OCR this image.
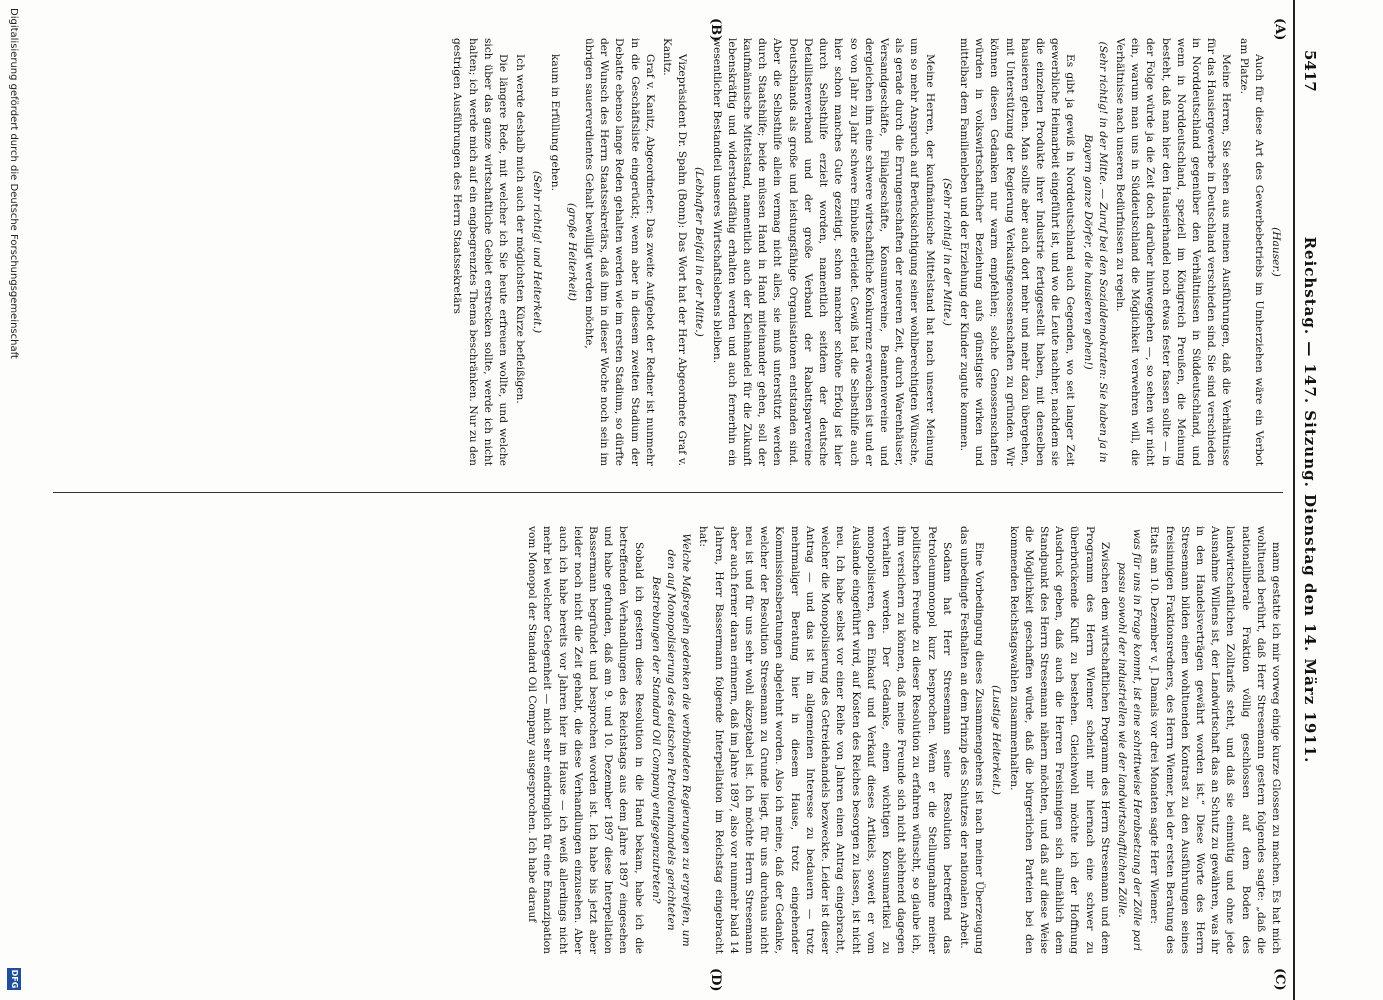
5417
Reichstag. — 147. Sitzung. Dienstag den 14. März 1911.
(A)
(B)
(C)
(D)

(Hauser.)

Auch für diese Art des Gewerbebetriebs im Umherziehen wäre ein Verbot am Platze.

Meine Herren, Sie sehen aus meinen Ausführungen, daß die Verhältnisse für das Hausiergewerbe in Deutschland verschieden sind. Sie sind verschieden in Norddeutschland gegenüber den Verhältnissen in Süddeutschland, und wenn in Norddeutschland, speziell im Königreich Preußen, die Meinung besteht, daß man hier den Hausierhandel noch etwas fester fassen sollte — in der Folge würde ja die Zeit doch darüber hinweggehen —, so sehen wir nicht ein, warum man uns in Süddeutschland die Möglichkeit verwehren will, die Verhältnisse nach unseren Bedürfnissen zu regeln.

(Sehr richtig! in der Mitte. — Zuruf bei den Sozialdemokraten: Sie haben ja in Bayern ganze Dörfer, die hausieren gehen!)

Es gibt ja gewiß in Norddeutschland auch Gegenden, wo seit langer Zeit gewerbliche Heimarbeit eingeführt ist, und wo die Leute nachher, nachdem sie die einzelnen Produkte ihrer Industrie fertiggestellt haben, mit denselben hausieren gehen. Man sollte aber auch dort mehr und mehr dazu übergehen, mit Unterstützung der Regierung Verkaufsgenossenschaften zu gründen. Wir können diesen Gedanken nur warm empfehlen; solche Genossenschaften würden in volkswirtschaftlicher Beziehung aufs günstigste wirken und mittelbar dem Familienleben und der Erziehung der Kinder zugute kommen.

(Sehr richtig! in der Mitte.)

Meine Herren, der kaufmännische Mittelstand hat nach unserer Meinung um so mehr Anspruch auf Berücksichtigung seiner wohlberechtigten Wünsche, als gerade durch die Errungenschaften der neueren Zeit, durch Warenhäuser, Versandgeschäfte, Filialgeschäfte, Konsumvereine, Beamtenvereine und dergleichen ihm eine schwere wirtschaftliche Konkurrenz erwachsen ist und er so von Jahr zu Jahr schwere Einbuße erleidet. Gewiß hat die Selbsthilfe auch hier schon manches Gute gezeitigt, schon mancher schöne Erfolg ist hier durch Selbsthilfe erzielt worden, namentlich seitdem der deutsche Detaillistenverband und der große Verband der Rabattsparvereine Deutschlands als große und leistungsfähige Organisationen entstanden sind. Aber die Selbsthilfe allein vermag nicht alles, sie muß unterstützt werden durch Staatshilfe; beide müssen Hand in Hand miteinander gehen, soll der kaufmännische Mittelstand, namentlich auch der Kleinhandel für die Zukunft lebenskräftig und widerstandsfähig erhalten werden und auch fernerhin ein wesentlicher Bestandteil unseres Wirtschaftslebens bleiben.

(Lebhafter Beifall in der Mitte.)

Vizepräsident Dr. Spahn (Bonn): Das Wort hat der Herr Abgeordnete Graf v. Kanitz.

Graf v. Kanitz, Abgeordneter: Das zweite Aufgebot der Redner ist nunmehr in die Geschäftsliste eingerückt; wenn aber in diesem zweiten Stadium der Debatte ebenso lange Reden gehalten werden wie im ersten Stadium, so dürfte der Wunsch des Herrn Staatssekretärs, daß ihm in dieser Woche noch sein im übrigen sauerverdientes Gehalt bewilligt werden möchte,

(große Heiterkeit)

kaum in Erfüllung gehen.

(Sehr richtig! und Heiterkeit.)

Ich werde deshalb mich auch der möglichsten Kürze befleißigen.

Die längere Rede, mit welcher ich Sie heute erfreuen wollte, und welche sich über das ganze wirtschaftliche Gebiet erstrecken sollte, werde ich nicht halten; ich werde mich auf ein engbegrenztes Thema beschränken. Nur zu den gestrigen Ausführungen des Herrn Staatssekretärs

mann gestatte ich mir vorweg einige kurze Glossen zu machen. Es hat mich wohltuend berührt, daß Herr Stresemann gestern folgendes sagte: „daß die nationalliberale Fraktion völlig geschlossen auf dem Boden des landwirtschaftlichen Zolltarifs steht, und daß sie einmütig und ohne jede Ausnahme Willens ist, der Landwirtschaft das an Schutz zu gewähren, was ihr in den Handelsverträgen gewährt worden ist.“ Diese Worte des Herrn Stresemann bilden einen wohltuenden Kontrast zu den Ausführungen seines freisinnigen Fraktionsredners, des Herrn Wiemer, bei der ersten Beratung des Etats am 10. Dezember v. J. Damals vor drei Monaten sagte Herr Wiemer:

was für uns in Frage kommt, ist eine schrittweise Herabsetzung der Zölle pari passu sowohl der industriellen wie der landwirtschaftlichen Zölle.

Zwischen dem wirtschaftlichen Programm des Herrn Stresemann und dem Programm des Herrn Wiemer scheint mir hiernach eine schwer zu überbrückende Kluft zu bestehen. Gleichwohl möchte ich der Hoffnung Ausdruck geben, daß auch die Herren Freisinnigen sich allmählich dem Standpunkt des Herrn Stresemann nähern möchten, und daß auf diese Weise die Möglichkeit geschaffen würde, daß die bürgerlichen Parteien bei den kommenden Reichstagswahlen zusammenhalten.

(Lustige Heiterkeit.)

Eine Vorbedingung dieses Zusammengehens ist nach meiner Überzeugung das unbedingte Festhalten an dem Prinzip des Schutzes der nationalen Arbeit.

Sodann hat Herr Stresemann seine Resolution betreffend das Petroleummonopol kurz besprochen. Wenn er die Stellungnahme meiner politischen Freunde zu dieser Resolution zu erfahren wünscht, so glaube ich, ihm versichern zu können, daß meine Freunde sich nicht ablehnend dagegen verhalten werden. Der Gedanke, einen wichtigen Konsumartikel zu monopolisieren, den Einkauf und Verkauf dieses Artikels, soweit er vom Auslande eingeführt wird, auf Kosten des Reiches besorgen zu lassen, ist nicht neu. Ich habe selbst vor einer Reihe von Jahren einen Antrag eingebracht, welcher die Monopolisierung des Getreidehandels bezweckte. Leider ist dieser Antrag — und das ist im allgemeinen Interesse zu bedauern — trotz mehrmaliger Beratung hier in diesem Hause, trotz eingehender Kommissionsberatungen abgelehnt worden. Also ich meine, daß der Gedanke, welcher der Resolution Stresemann zu Grunde liegt, für uns durchaus nicht neu ist und für uns sehr wohl akzeptabel ist. Ich möchte Herrn Stresemann aber auch ferner daran erinnern, daß im Jahre 1897, also vor nunmehr bald 14 Jahren, Herr Bassermann folgende Interpellation im Reichstag eingebracht hat:

Welche Maßregeln gedenken die verbündeten Regierungen zu ergreifen, um den auf Monopolisierung des deutschen Petroleumhandels gerichteten Bestrebungen der Standard Oil Company entgegenzutreten?

Sobald ich gestern diese Resolution in die Hand bekam, habe ich die betreffenden Verhandlungen des Reichstags aus dem Jahre 1897 eingesehen und habe gefunden, daß am 9. und 10. Dezember 1897 diese Interpellation Bassermann begründet und besprochen worden ist. Ich habe bis jetzt aber leider noch nicht die Zeit gehabt, die diese Verhandlungen einzusehen. Aber auch ich habe bereits vor Jahren hier im Hause — ich weiß allerdings nicht mehr bei welcher Gelegenheit — mich sehr eindringlich für eine Emanzipation vom Monopol der Standard Oil Company ausgesprochen. Ich habe darauf

Digitalisierung gefördert durch die Deutsche Forschungsgemeinschaft
DFG
